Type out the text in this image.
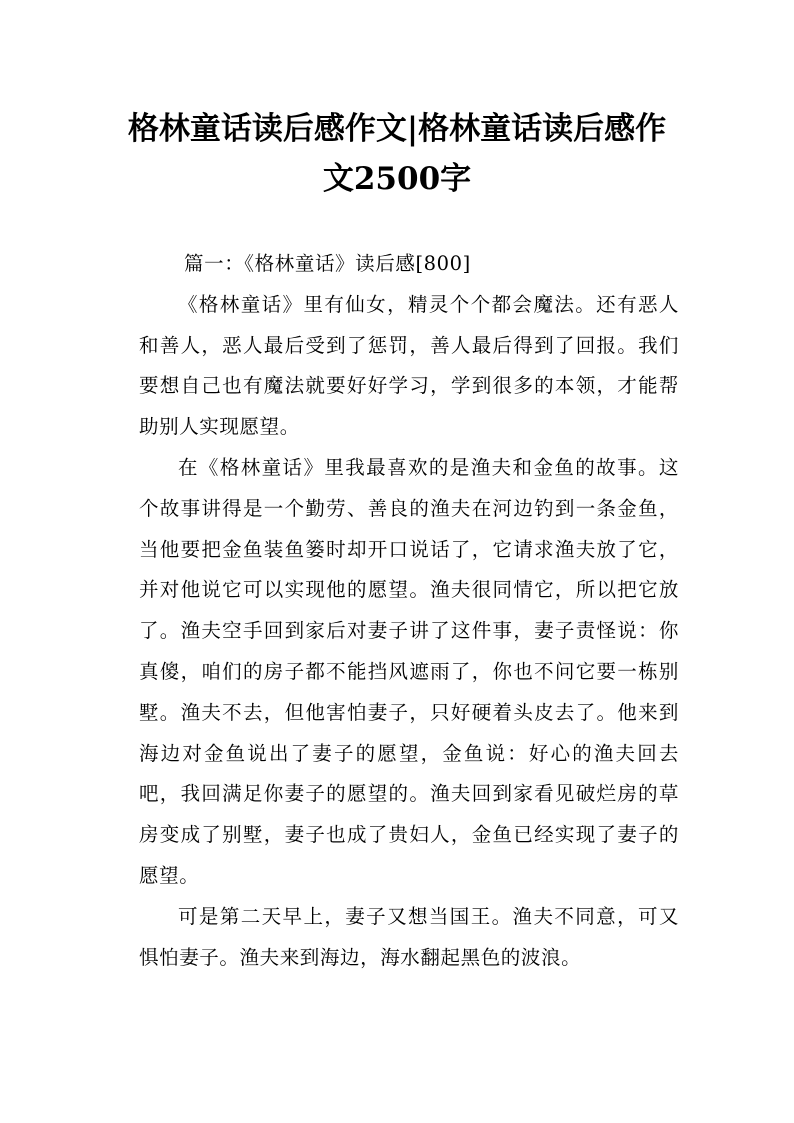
格林童话读后感作文|格林童话读后感作
文2500字

篇一：《格林童话》读后感[800]

《格林童话》里有仙女，精灵个个都会魔法。还有恶人和善人，恶人最后受到了惩罚，善人最后得到了回报。我们要想自己也有魔法就要好好学习，学到很多的本领，才能帮助别人实现愿望。

在《格林童话》里我最喜欢的是渔夫和金鱼的故事。这个故事讲得是一个勤劳、善良的渔夫在河边钓到一条金鱼，当他要把金鱼装鱼篓时却开口说话了，它请求渔夫放了它，并对他说它可以实现他的愿望。渔夫很同情它，所以把它放了。渔夫空手回到家后对妻子讲了这件事，妻子责怪说：你真傻，咱们的房子都不能挡风遮雨了，你也不问它要一栋别墅。渔夫不去，但他害怕妻子，只好硬着头皮去了。他来到海边对金鱼说出了妻子的愿望，金鱼说：好心的渔夫回去吧，我回满足你妻子的愿望的。渔夫回到家看见破烂房的草房变成了别墅，妻子也成了贵妇人，金鱼已经实现了妻子的愿望。

可是第二天早上，妻子又想当国王。渔夫不同意，可又惧怕妻子。渔夫来到海边，海水翻起黑色的波浪。
